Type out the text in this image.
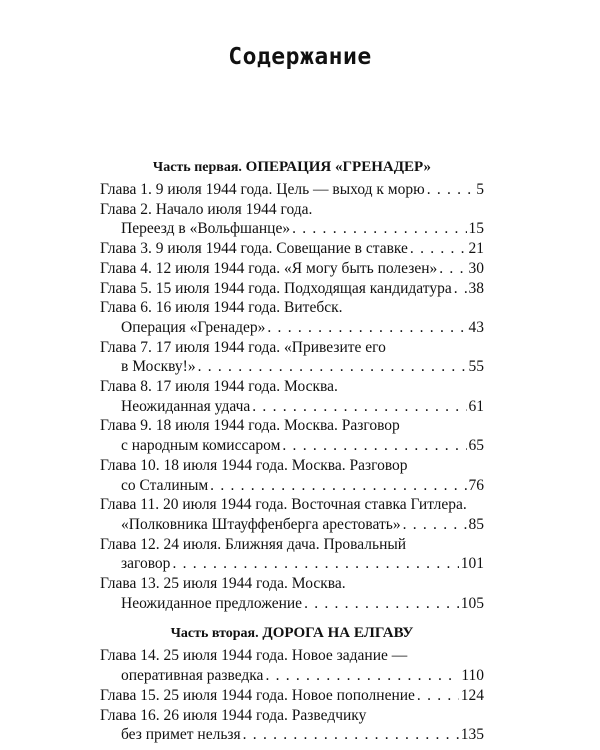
Содержание
Часть первая. ОПЕРАЦИЯ «ГРЕНАДЕР»
Глава 1. 9 июля 1944 года. Цель — выход к морю . . .	5
Глава 2. Начало июля 1944 года.
Переезд в «Вольфшанце» . . .	15
Глава 3. 9 июля 1944 года. Совещание в ставке . . .	21
Глава 4. 12 июля 1944 года. «Я могу быть полезен» . . . 30
Глава 5. 15 июля 1944 года. Подходящая кандидатура . . . 38
Глава 6. 16 июля 1944 года. Витебск.
Операция «Гренадер» . . .	43
Глава 7. 17 июля 1944 года. «Привезите его
в Москву!» . . .	55
Глава 8. 17 июля 1944 года. Москва.
Неожиданная удача . . .	61
Глава 9. 18 июля 1944 года. Москва. Разговор
с народным комиссаром . . .	65
Глава 10. 18 июля 1944 года. Москва. Разговор
со Сталиным . . .	76
Глава 11. 20 июля 1944 года. Восточная ставка Гитлера.
«Полковника Штауффенберга арестовать» . . .	85
Глава 12. 24 июля. Ближняя дача. Провальный
заговор . . .	101
Глава 13. 25 июля 1944 года. Москва.
Неожиданное предложение . . .	105
Часть вторая. ДОРОГА НА ЕЛГАВУ
Глава 14. 25 июля 1944 года. Новое задание —
оперативная разведка . . .	110
Глава 15. 25 июля 1944 года. Новое пополнение . . .	124
Глава 16. 26 июля 1944 года. Разведчику
без примет нельзя . . .	135
